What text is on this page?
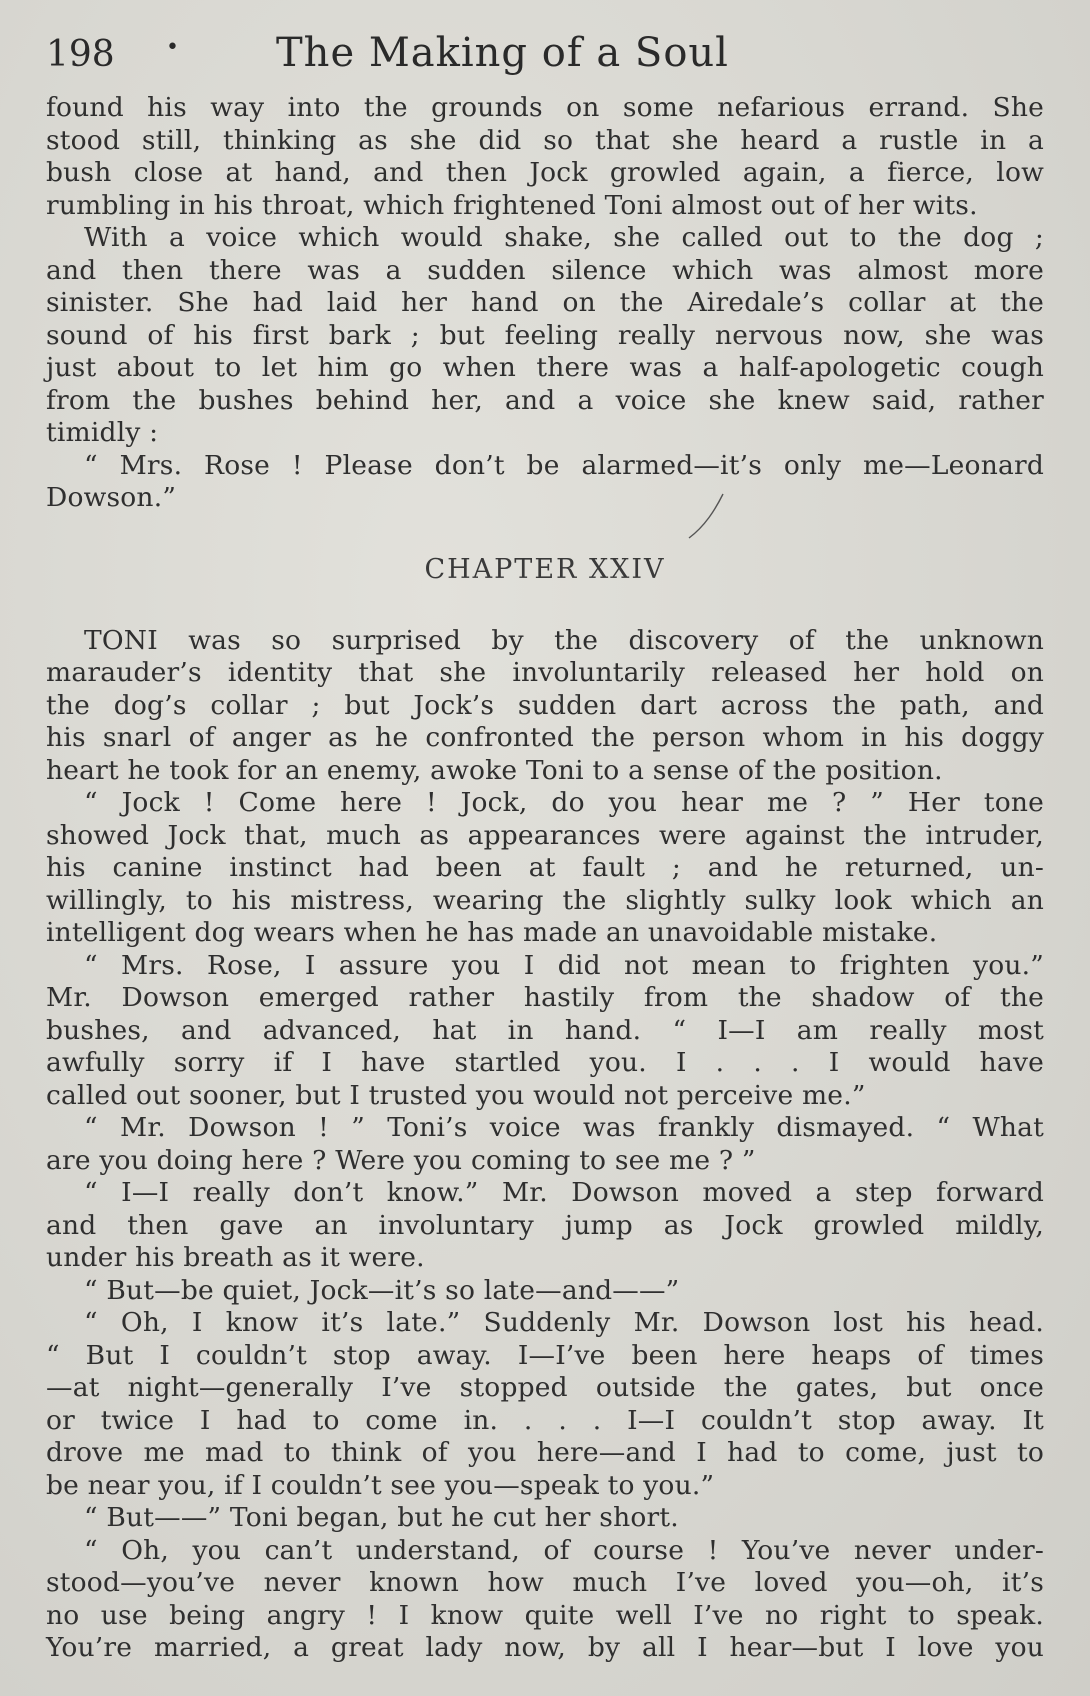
198	•	The Making of a Soul
found his way into the grounds on some nefarious errand. She
stood still, thinking as she did so that she heard a rustle in a
bush close at hand, and then Jock growled again, a fierce, low
rumbling in his throat, which frightened Toni almost out of her wits.
With a voice which would shake, she called out to the dog ;
and then there was a sudden silence which was almost more
sinister. She had laid her hand on the Airedale’s collar at the
sound of his first bark ; but feeling really nervous now, she was
just about to let him go when there was a half-apologetic cough
from the bushes behind her, and a voice she knew said, rather
timidly :
“ Mrs. Rose ! Please don’t be alarmed—it’s only me—Leonard
Dowson.”
CHAPTER XXIV
TONI was so surprised by the discovery of the unknown
marauder’s identity that she involuntarily released her hold on
the dog’s collar ; but Jock’s sudden dart across the path, and
his snarl of anger as he confronted the person whom in his doggy
heart he took for an enemy, awoke Toni to a sense of the position.
“ Jock ! Come here ! Jock, do you hear me ? ” Her tone
showed Jock that, much as appearances were against the intruder,
his canine instinct had been at fault ; and he returned, un-
willingly, to his mistress, wearing the slightly sulky look which an
intelligent dog wears when he has made an unavoidable mistake.
“ Mrs. Rose, I assure you I did not mean to frighten you.”
Mr. Dowson emerged rather hastily from the shadow of the
bushes, and advanced, hat in hand. “ I—I am really most
awfully sorry if I have startled you. I . . . I would have
called out sooner, but I trusted you would not perceive me.”
“ Mr. Dowson ! ” Toni’s voice was frankly dismayed. “ What
are you doing here ? Were you coming to see me ? ”
“ I—I really don’t know.” Mr. Dowson moved a step forward
and then gave an involuntary jump as Jock growled mildly,
under his breath as it were.
“ But—be quiet, Jock—it’s so late—and——”
“ Oh, I know it’s late.” Suddenly Mr. Dowson lost his head.
“ But I couldn’t stop away. I—I’ve been here heaps of times
—at night—generally I’ve stopped outside the gates, but once
or twice I had to come in. . . . I—I couldn’t stop away. It
drove me mad to think of you here—and I had to come, just to
be near you, if I couldn’t see you—speak to you.”
“ But——” Toni began, but he cut her short.
“ Oh, you can’t understand, of course ! You’ve never under-
stood—you’ve never known how much I’ve loved you—oh, it’s
no use being angry ! I know quite well I’ve no right to speak.
You’re married, a great lady now, by all I hear—but I love you
